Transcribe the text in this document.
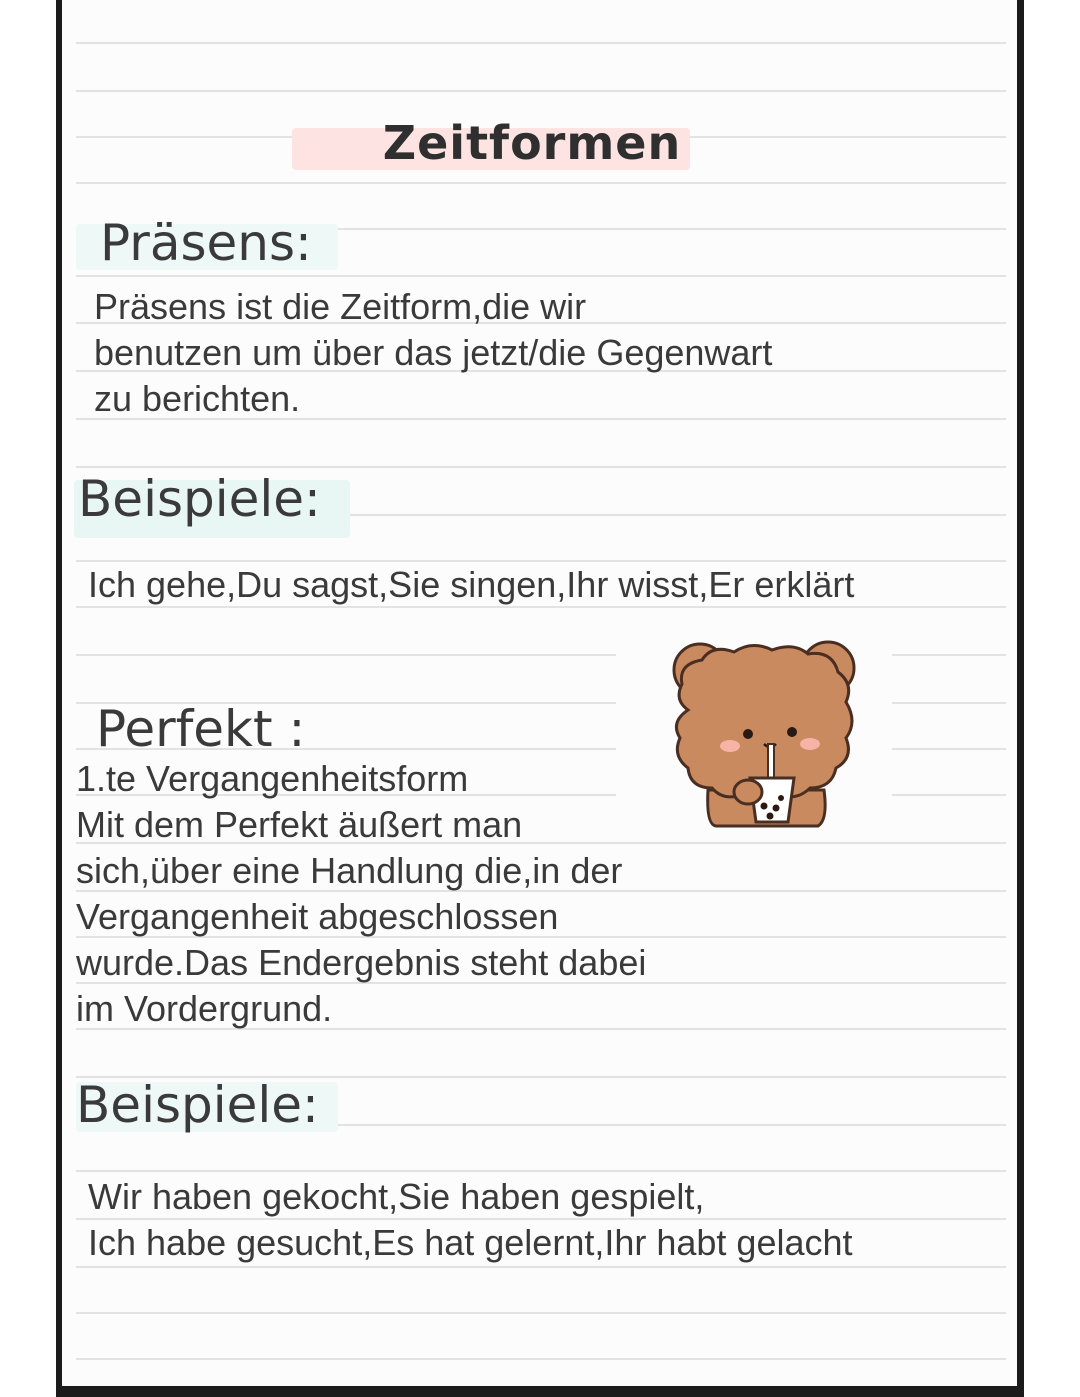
Zeitformen
Präsens:
Präsens ist die Zeitform,die wir
benutzen um über das jetzt/die Gegenwart
zu berichten.
Beispiele:
Ich gehe,Du sagst,Sie singen,Ihr wisst,Er erklärt
Perfekt :
1.te Vergangenheitsform
Mit dem Perfekt äußert man
sich,über eine Handlung die,in der
Vergangenheit abgeschlossen
wurde.Das Endergebnis steht dabei
im Vordergrund.
Beispiele:
Wir haben gekocht,Sie haben gespielt,
Ich habe gesucht,Es hat gelernt,Ihr habt gelacht
